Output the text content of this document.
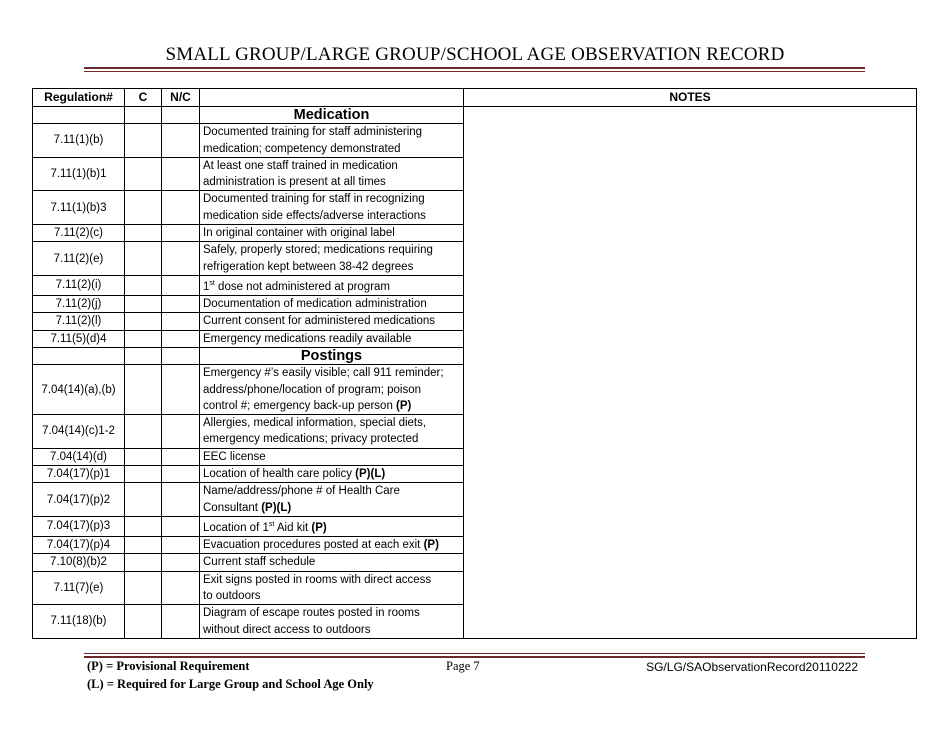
SMALL GROUP/LARGE GROUP/SCHOOL AGE OBSERVATION RECORD
Regulation#	C	N/C		NOTES
			Medication	
7.11(1)(b)			Documented training for staff administering
medication; competency demonstrated	

7.11(1)(b)1			At least one staff trained in medication
administration is present at all times	

7.11(1)(b)3			Documented training for staff in recognizing
medication side effects/adverse interactions	

7.11(2)(c)			In original container with original label	

7.11(2)(e)			Safely, properly stored; medications requiring
refrigeration kept between 38-42 degrees	

7.11(2)(i)			1st dose not administered at program	

7.11(2)(j)			Documentation of medication administration	

7.11(2)(l)			Current consent for administered medications	

7.11(5)(d)4			Emergency medications readily available	

			Postings	
7.04(14)(a),(b)			Emergency #’s easily visible; call 911 reminder;
address/phone/location of program; poison
control #; emergency back-up person (P)	

7.04(14)(c)1-2			Allergies, medical information, special diets,
emergency medications; privacy protected	

7.04(14)(d)			EEC license	

7.04(17)(p)1			Location of health care policy (P)(L)	

7.04(17)(p)2			Name/address/phone # of Health Care
Consultant (P)(L)	

7.04(17)(p)3			Location of 1st Aid kit (P)	

7.04(17)(p)4			Evacuation procedures posted at each exit (P)	

7.10(8)(b)2			Current staff schedule	

7.11(7)(e)			Exit signs posted in rooms with direct access
to outdoors	

7.11(18)(b)			Diagram of escape routes posted in rooms
without direct access to outdoors	
(P) = Provisional Requirement
(L) = Required for Large Group and School Age Only
Page 7	SG/LG/SAObservationRecord20110222
